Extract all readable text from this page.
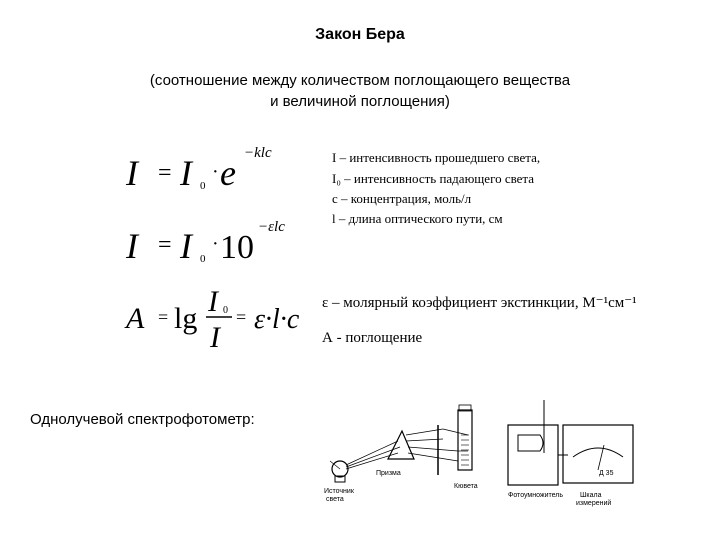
Закон Бера
(соотношение между количеством поглощающего вещества
и величиной поглощения)
I = I 0
· e −klc
I = I 0
· 10
−εlc
A = lg
I 0
I
= ε·l·c
I – интенсивность прошедшего света,
I₀ – интенсивность падающего света
c – концентрация, моль/л
l – длина оптического пути, см
ε – молярный коэффициент экстинкции, М⁻¹см⁻¹
А - поглощение
Однолучевой спектрофотометр:
Д 35
Источник
света
Призма
Кювета
Фотоумножитель Шкала
измерений
